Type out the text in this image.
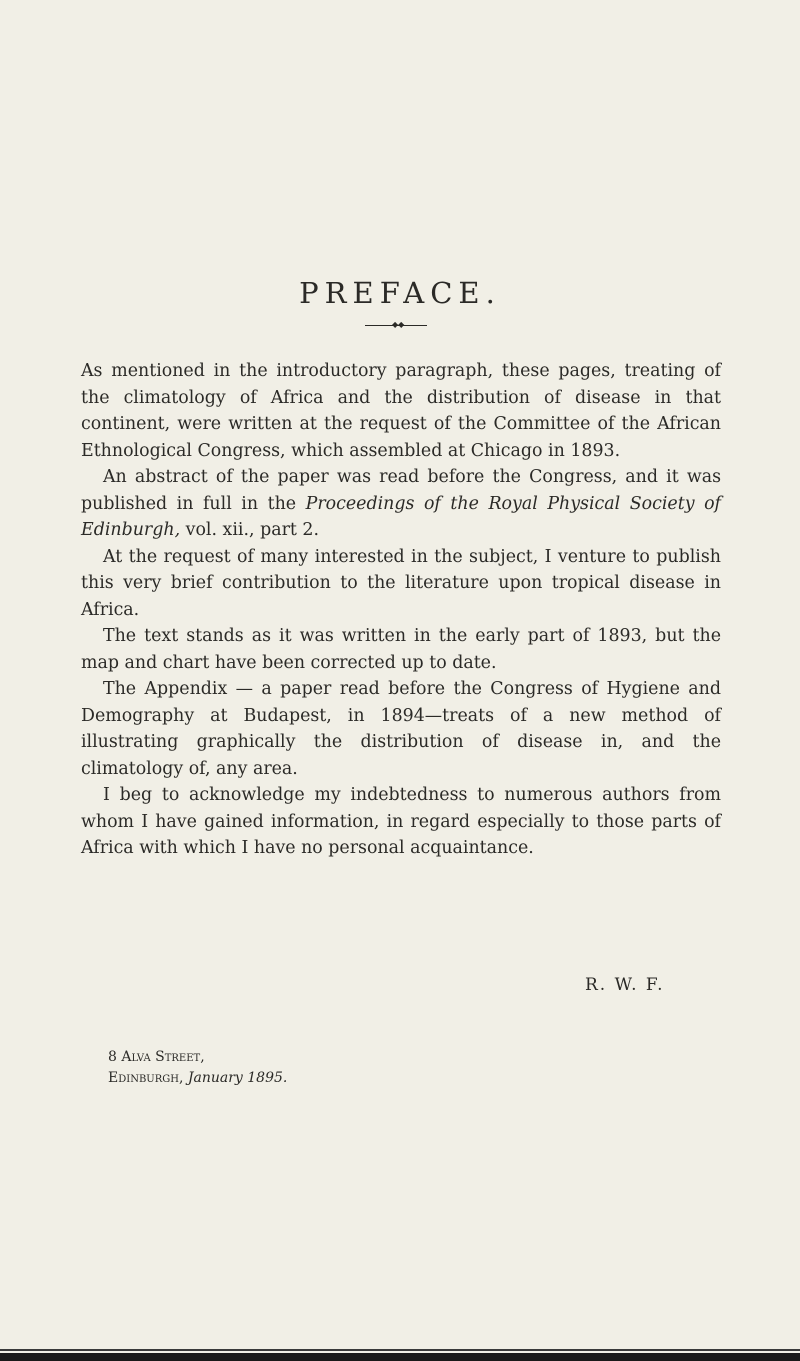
PREFACE.
◆◆

As mentioned in the introductory paragraph, these pages, treating of the climatology of Africa and the distribution of disease in that continent, were written at the request of the Committee of the African Ethnological Congress, which assembled at Chicago in 1893.

An abstract of the paper was read before the Congress, and it was published in full in the Proceedings of the Royal Physical Society of Edinburgh, vol. xii., part 2.

At the request of many interested in the subject, I venture to publish this very brief contribution to the literature upon tropical disease in Africa.

The text stands as it was written in the early part of 1893, but the map and chart have been corrected up to date.

The Appendix — a paper read before the Congress of Hygiene and Demography at Budapest, in 1894—treats of a new method of illustrating graphically the distribution of disease in, and the climatology of, any area.

I beg to acknowledge my indebtedness to numerous authors from whom I have gained information, in regard especially to those parts of Africa with which I have no personal acquaintance.

R. W. F.
8 Alva Street,
Edinburgh, January 1895.
